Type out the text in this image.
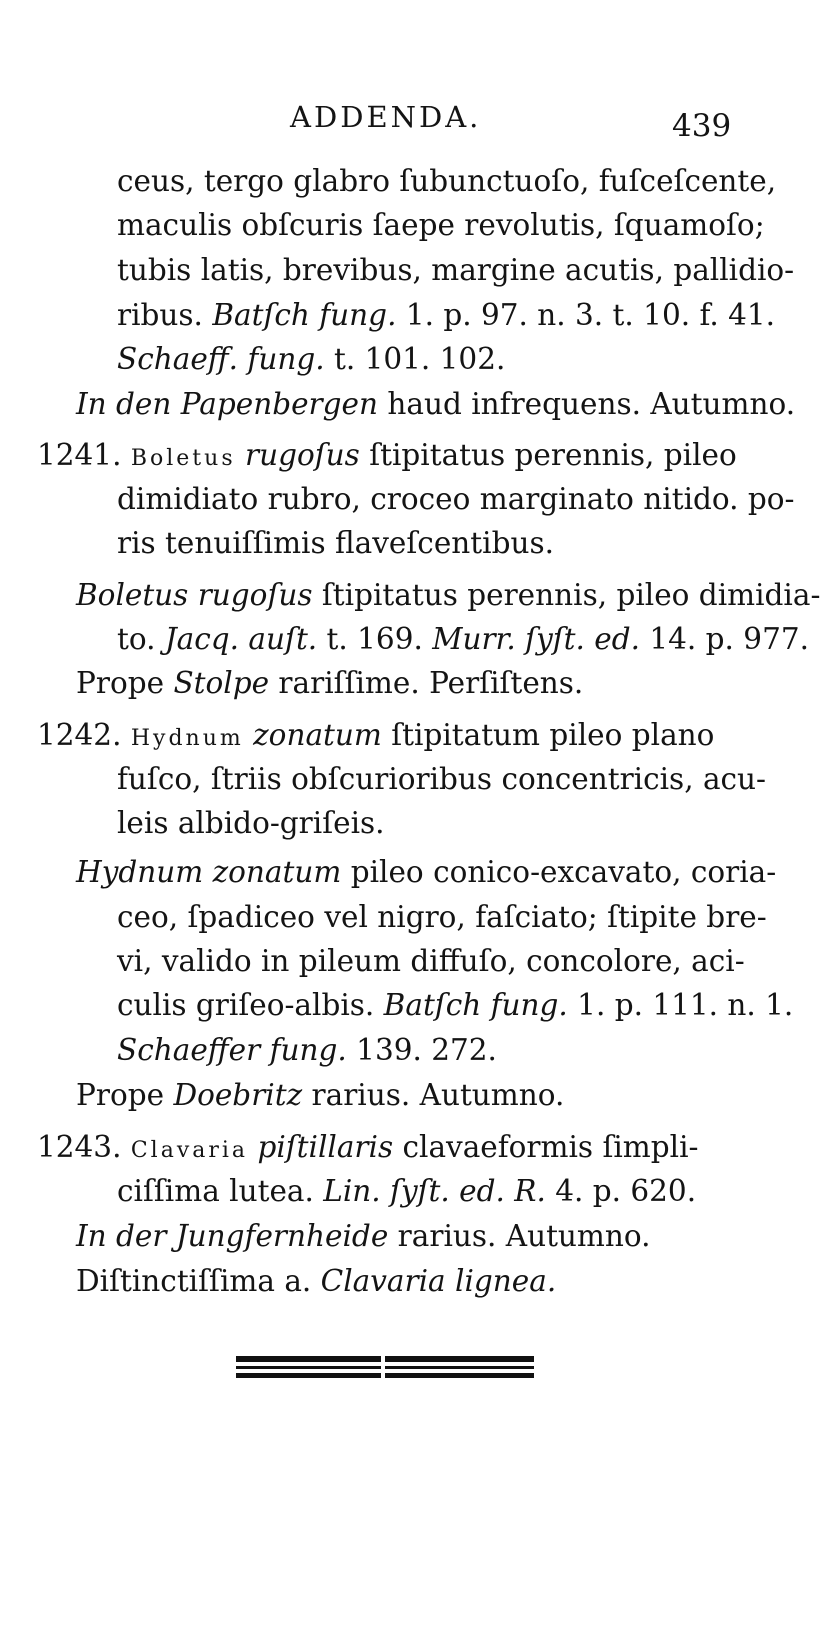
ADDENDA.	439
ceus, tergo glabro ſubunctuoſo, fuſceſcente,
maculis obſcuris ſaepe revolutis, ſquamoſo;
tubis latis, brevibus, margine acutis, pallidio-
ribus. Batſch fung. 1. p. 97. n. 3. t. 10. f. 41.
Schaeff. fung. t. 101. 102.
In den Papenbergen haud infrequens. Autumno.
1241. Boletus rugoſus ſtipitatus perennis, pileo
dimidiato rubro, croceo marginato nitido. po-
ris tenuiſſimis flaveſcentibus.
Boletus rugoſus ſtipitatus perennis, pileo dimidia-
to. Jacq. auſt. t. 169. Murr. ſyſt. ed. 14. p. 977.
Prope Stolpe rariſſime. Perſiſtens.
1242. Hydnum zonatum ſtipitatum pileo plano
fuſco, ſtriis obſcurioribus concentricis, acu-
leis albido-griſeis.
Hydnum zonatum pileo conico-excavato, coria-
ceo, ſpadiceo vel nigro, faſciato; ſtipite bre-
vi, valido in pileum diffuſo, concolore, aci-
culis griſeo-albis. Batſch fung. 1. p. 111. n. 1.
Schaeffer fung. 139. 272.
Prope Doebritz rarius. Autumno.
1243. Clavaria piſtillaris clavaeformis ſimpli-
ciſſima lutea. Lin. ſyſt. ed. R. 4. p. 620.
In der Jungfernheide rarius. Autumno.
Diſtinctiſſima a. Clavaria lignea.
